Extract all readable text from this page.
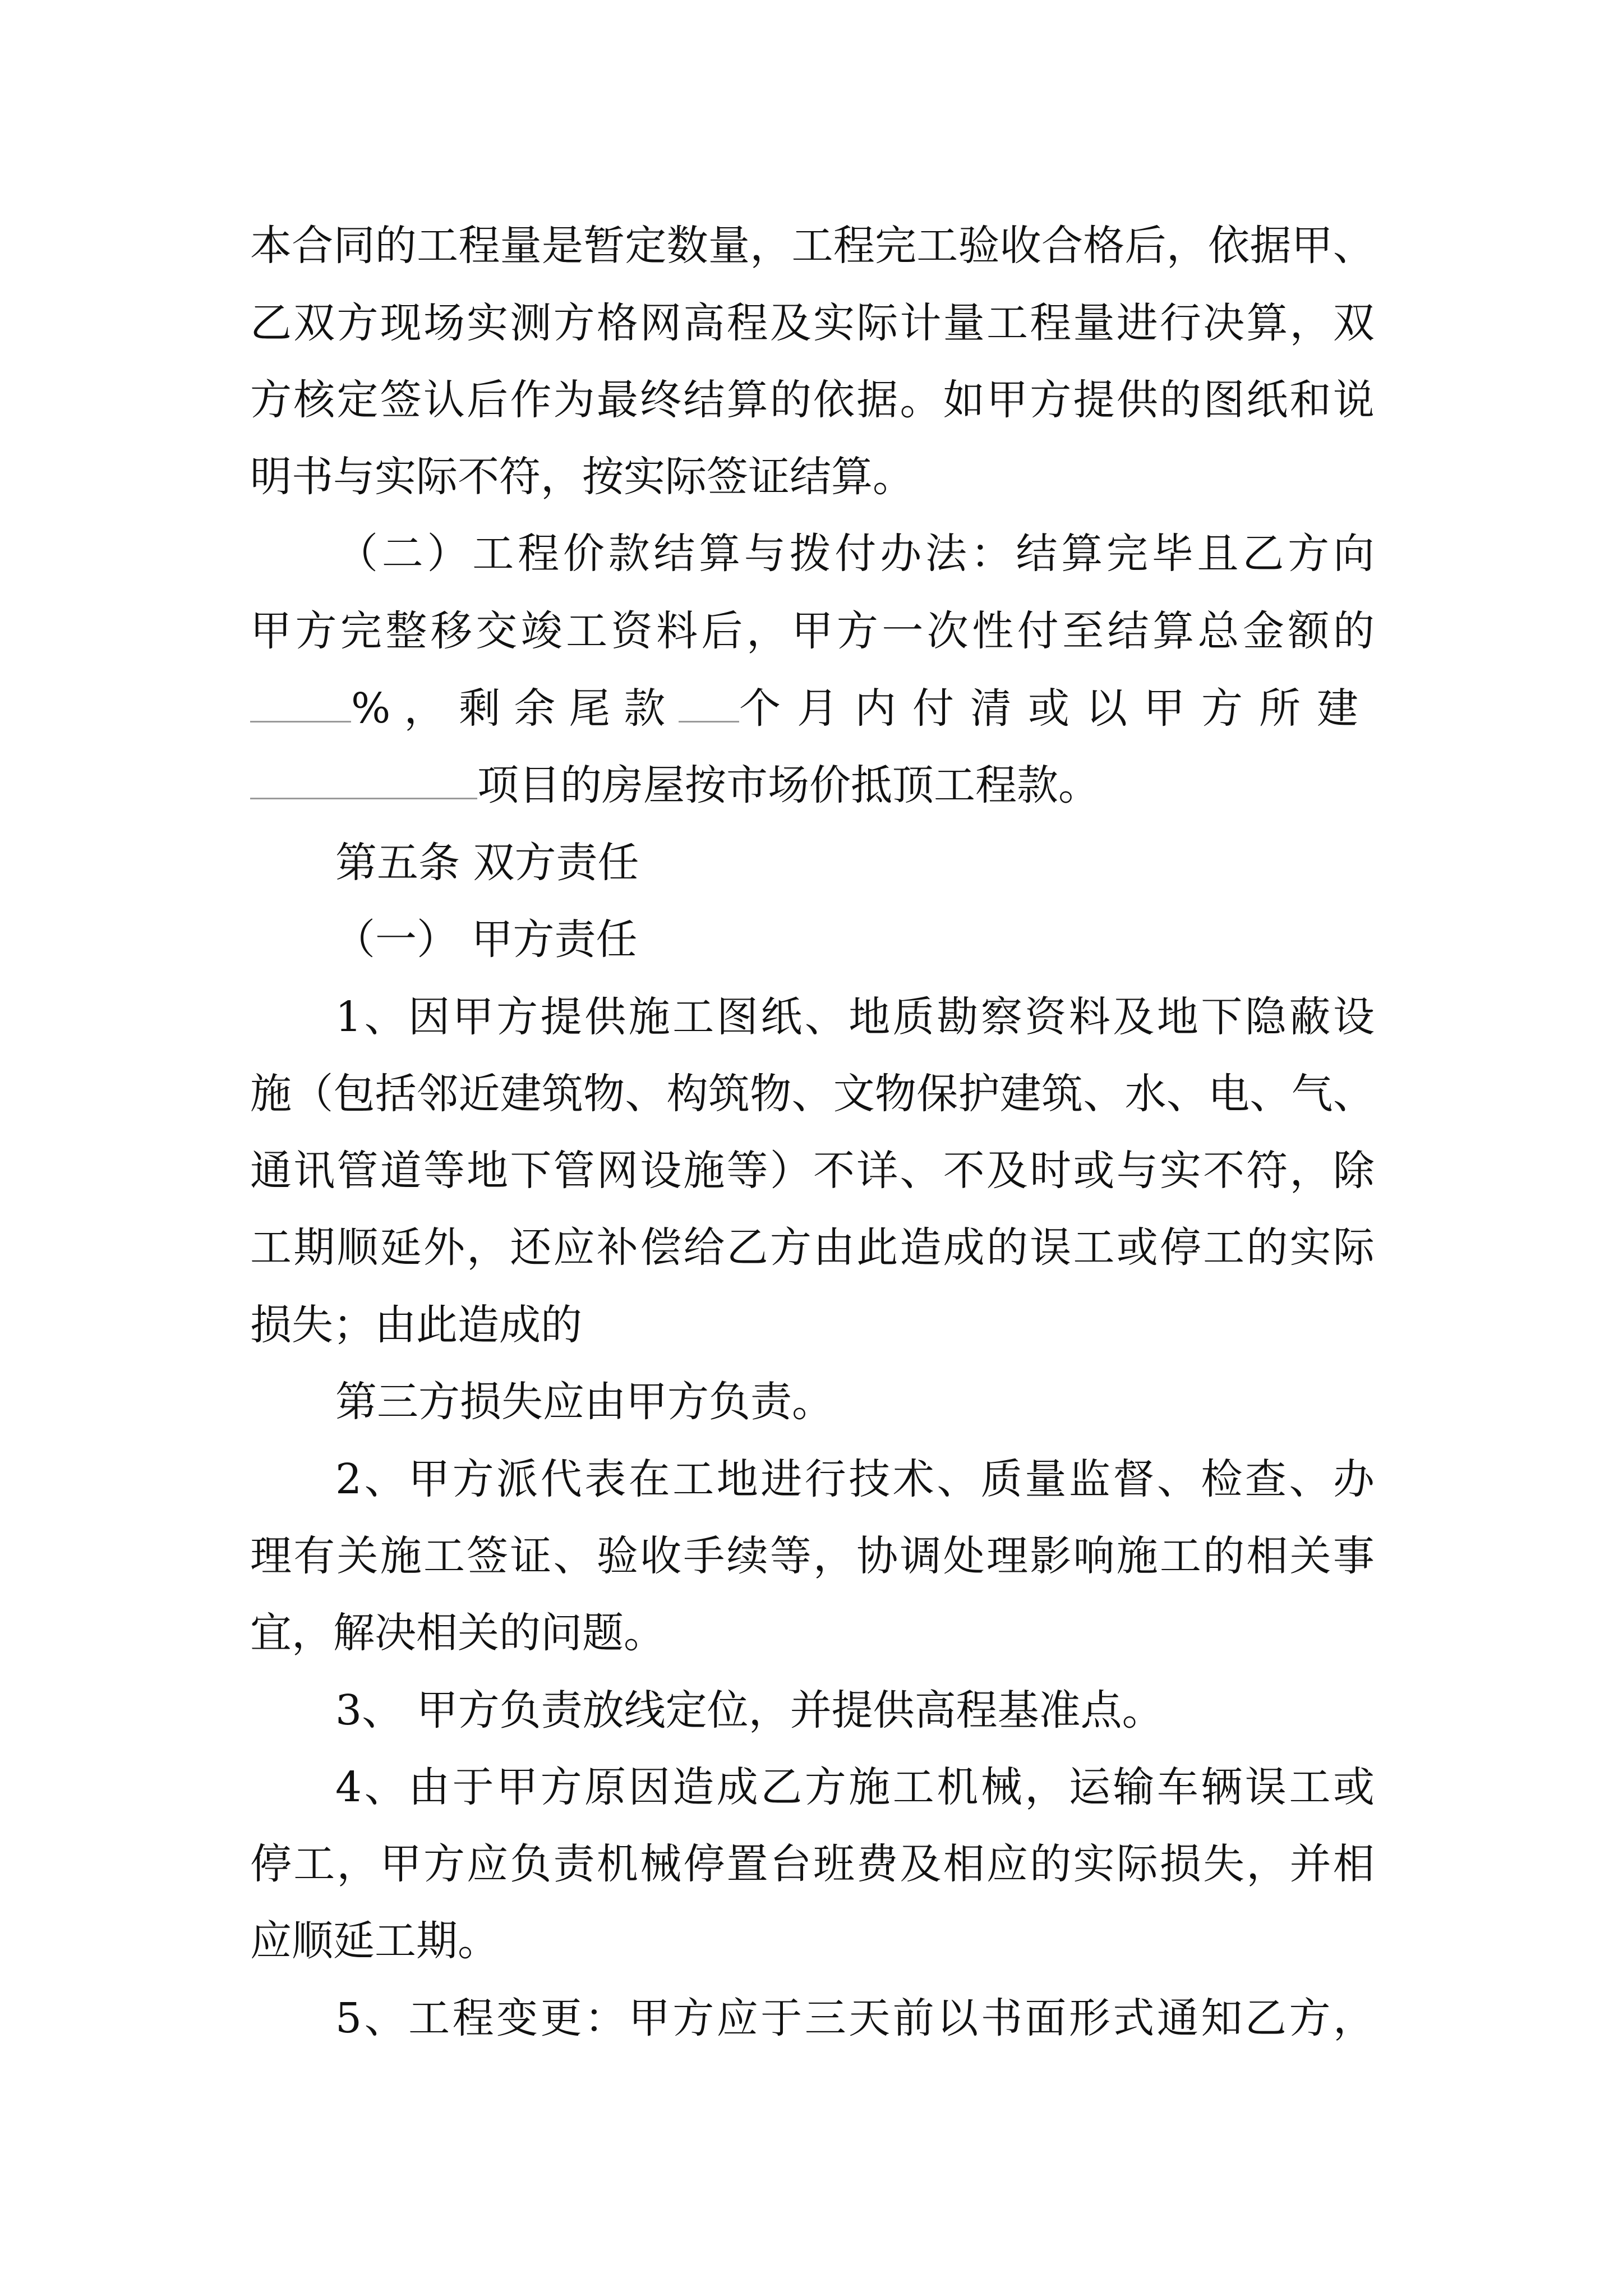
本 合 同 的 工 程 量 是 暂 定 数 量 ， 工 程 完 工 验 收 合 格 后 ， 依 据 甲 、
乙 双 方 现 场 实 测 方 格 网 高 程 及 实 际 计 量 工 程 量 进 行 决 算 ， 双
方 核 定 签 认 后 作 为 最 终 结 算 的 依 据 。 如 甲 方 提 供 的 图 纸 和 说
明书与实际不符，按实际签证结算。
（ 二 ） 工 程 价 款 结 算 与 拨 付 办 法 ： 结 算 完 毕 且 乙 方 向
甲 方 完 整 移 交 竣 工 资 料 后 ， 甲 方 一 次 性 付 至 结 算 总 金 额 的
%，剩余尾款 个月内付清或以甲方所建
项目的房屋按市场价抵顶工程款。
第五条 双方责任
（一） 甲方责任
1 、 因 甲 方 提 供 施 工 图 纸 、 地 质 勘 察 资 料 及 地 下 隐 蔽 设
施 （ 包 括 邻 近 建 筑 物 、 构 筑 物 、 文 物 保 护 建 筑 、 水 、 电 、 气 、
通 讯 管 道 等 地 下 管 网 设 施 等 ） 不 详 、 不 及 时 或 与 实 不 符 ， 除
工 期 顺 延 外 ， 还 应 补 偿 给 乙 方 由 此 造 成 的 误 工 或 停 工 的 实 际
损失；由此造成的
第三方损失应由甲方负责。
2 、 甲 方 派 代 表 在 工 地 进 行 技 术 、 质 量 监 督 、 检 查 、 办
理 有 关 施 工 签 证 、 验 收 手 续 等 ， 协 调 处 理 影 响 施 工 的 相 关 事
宜，解决相关的问题。
3、 甲方负责放线定位，并提供高程基准点。
4 、 由 于 甲 方 原 因 造 成 乙 方 施 工 机 械 ， 运 输 车 辆 误 工 或
停 工 ， 甲 方 应 负 责 机 械 停 置 台 班 费 及 相 应 的 实 际 损 失 ， 并 相
应顺延工期。
5 、 工 程 变 更 ： 甲 方 应 于 三 天 前 以 书 面 形 式 通 知 乙 方 ，
